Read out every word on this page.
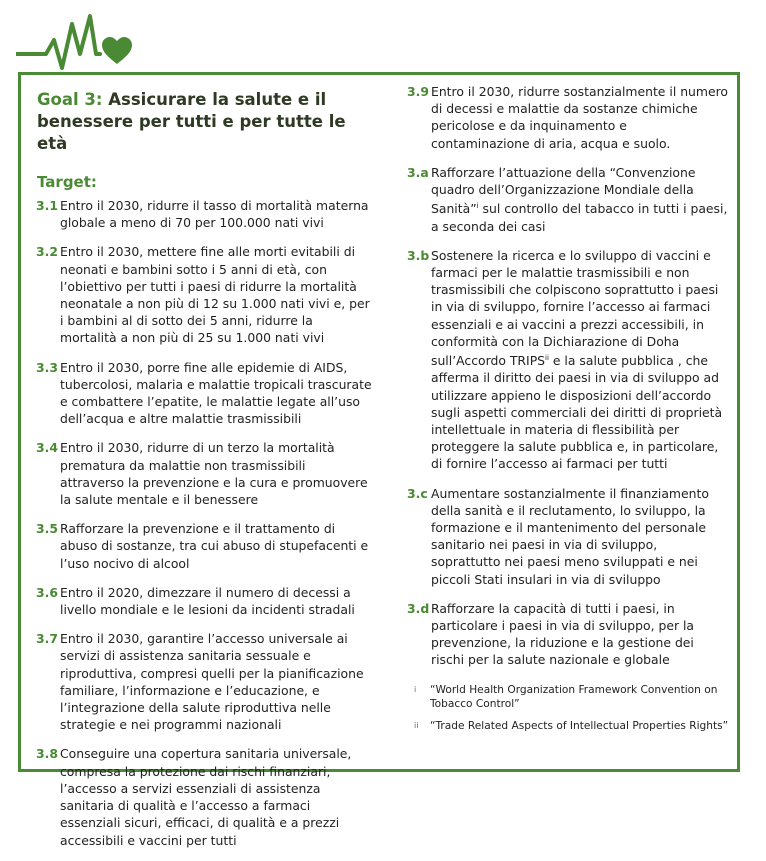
Goal 3: Assicurare la salute e il benessere per tutti e per tutte le età
Target:
3.1 Entro il 2030, ridurre il tasso di mortalità materna globale a meno di 70 per 100.000 nati vivi
3.2 Entro il 2030, mettere fine alle morti evitabili di neonati e bambini sotto i 5 anni di età, con l’obiettivo per tutti i paesi di ridurre la mortalità neonatale a non più di 12 su 1.000 nati vivi e, per i bambini al di sotto dei 5 anni, ridurre la mortalità a non più di 25 su 1.000 nati vivi
3.3 Entro il 2030, porre fine alle epidemie di AIDS, tubercolosi, malaria e malattie tropicali trascurate e combattere l’epatite, le malattie legate all’uso dell’acqua e altre malattie trasmissibili
3.4 Entro il 2030, ridurre di un terzo la mortalità prematura da malattie non trasmissibili attraverso la prevenzione e la cura e promuovere la salute mentale e il benessere
3.5 Rafforzare la prevenzione e il trattamento di abuso di sostanze, tra cui abuso di stupefacenti e l’uso nocivo di alcool
3.6 Entro il 2020, dimezzare il numero di decessi a livello mondiale e le lesioni da incidenti stradali
3.7 Entro il 2030, garantire l’accesso universale ai servizi di assistenza sanitaria sessuale e riproduttiva, compresi quelli per la pianificazione familiare, l’informazione e l’educazione, e l’integrazione della salute riproduttiva nelle strategie e nei programmi nazionali
3.8 Conseguire una copertura sanitaria universale, compresa la protezione dai rischi finanziari, l’accesso a servizi essenziali di assistenza sanitaria di qualità e l’accesso a farmaci essenziali sicuri, efficaci, di qualità e a prezzi accessibili e vaccini per tutti
3.9 Entro il 2030, ridurre sostanzialmente il numero di decessi e malattie da sostanze chimiche pericolose e da inquinamento e contaminazione di aria, acqua e suolo.
3.a Rafforzare l’attuazione della “Convenzione quadro dell’Organizzazione Mondiale della Sanità”$^i$ sul controllo del tabacco in tutti i paesi, a seconda dei casi
3.b Sostenere la ricerca e lo sviluppo di vaccini e farmaci per le malattie trasmissibili e non trasmissibili che colpiscono soprattutto i paesi in via di sviluppo, fornire l’accesso ai farmaci essenziali e ai vaccini a prezzi accessibili, in conformità con la Dichiarazione di Doha sull’Accordo TRIPS$^{ii}$ e la salute pubblica , che afferma il diritto dei paesi in via di sviluppo ad utilizzare appieno le disposizioni dell’accordo sugli aspetti commerciali dei diritti di proprietà intellettuale in materia di flessibilità per proteggere la salute pubblica e, in particolare, di fornire l’accesso ai farmaci per tutti
3.c Aumentare sostanzialmente il finanziamento della sanità e il reclutamento, lo sviluppo, la formazione e il mantenimento del personale sanitario nei paesi in via di sviluppo, soprattutto nei paesi meno sviluppati e nei piccoli Stati insulari in via di sviluppo
3.d Rafforzare la capacità di tutti i paesi, in particolare i paesi in via di sviluppo, per la prevenzione, la riduzione e la gestione dei rischi per la salute nazionale e globale
i	“World Health Organization Framework Convention on Tobacco Control”
ii	“Trade Related Aspects of Intellectual Properties Rights”
